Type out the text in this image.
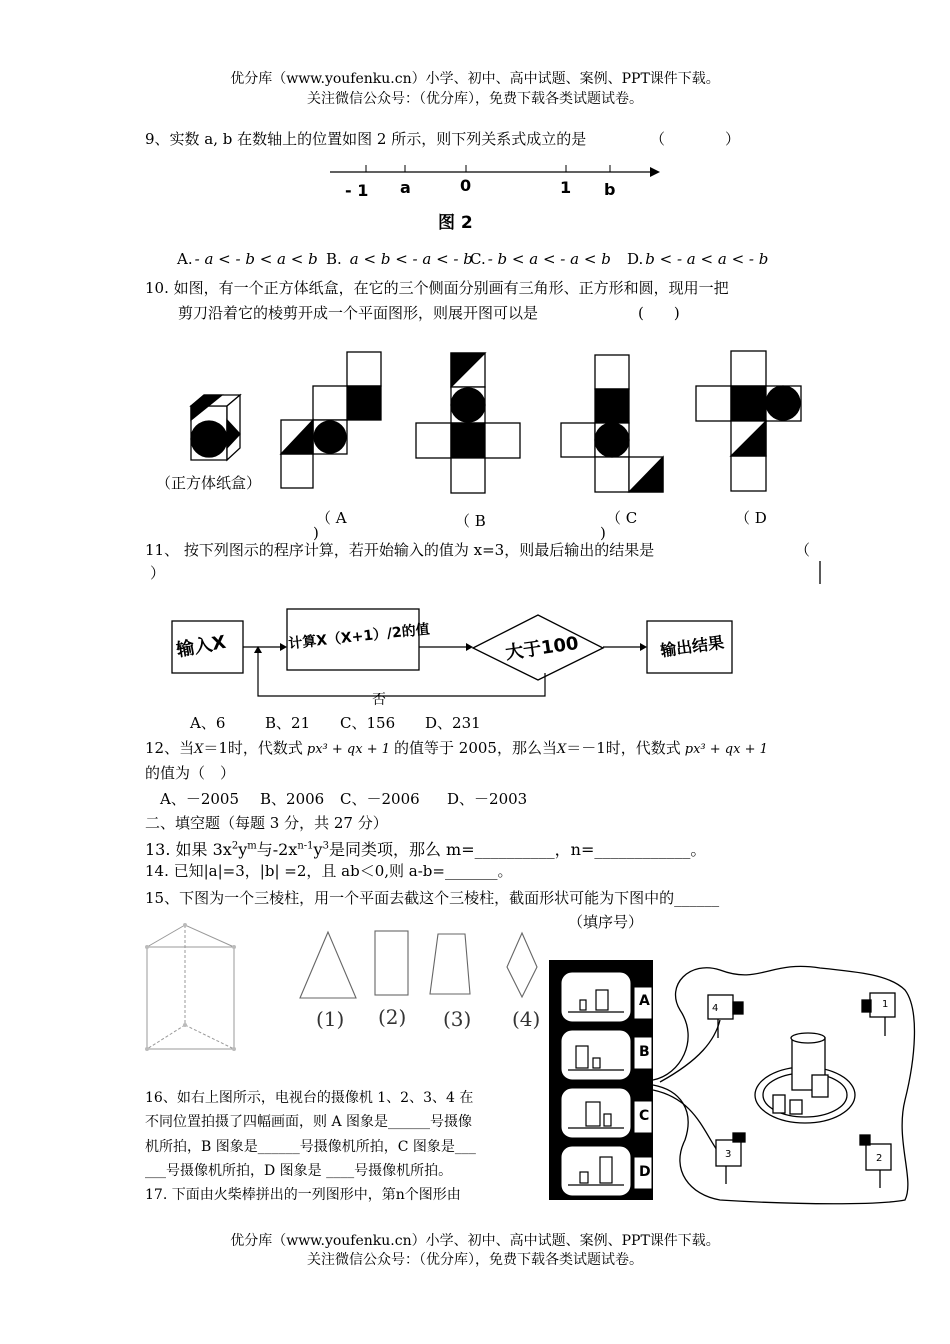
优分库（www.youfenku.cn）小学、初中、高中试题、案例、PPT课件下载。
关注微信公众号：（优分库），免费下载各类试题试卷。
9、实数 a, b 在数轴上的位置如图 2 所示，则下列关系式成立的是	（　　　　）
- 1 a	0	1 b
图 2
A. - a < - b < a < b B. a < b < - a < - b
C. - b < a < - a < b D. b < - a < a < - b
10. 如图，有一个正方体纸盒，在它的三个侧面分别画有三角形、正方形和圆，现用一把
剪刀沿着它的棱剪开成一个平面图形，则展开图可以是	(　　)
（正方体纸盒）
（ A
)
（ B	（ C
)
（ D
11、 按下列图示的程序计算，若开始输入的值为 x=3，则最后输出的结果是	（
）
输入X	计算X（X+1）/2的值	大于100	输出结果
否
A、6	B、21 C、156 D、231
12、当X＝1时，代数式 px³ + qx + 1 的值等于 2005，那么当X＝－1时，代数式 px³ + qx + 1
的值为（　）
A、－2005 B、2006 C、－2006 D、－2003
二、填空题（每题 3 分，共 27 分）
13. 如果 $3x^2y^m$与$-2x^{n-1}y^3$是同类项，那么 m=__________，n=____________。
14. 已知|a|=3，|b| =2，且 ab＜0,则 a-b=_______。
15、下图为一个三棱柱，用一个平面去截这个三棱柱，截面形状可能为下图中的______
（填序号）
(1) (2) (3) (4)
A
B
C
D
4	1
3	2
16、如右上图所示，电视台的摄像机 1、2、3、4 在
不同位置拍摄了四幅画面，则 A 图象是______号摄像
机所拍，B 图象是______号摄像机所拍，C 图象是___
___号摄像机所拍，D 图象是 ____号摄像机所拍。
17. 下面由火柴棒拼出的一列图形中，第n个图形由
优分库（www.youfenku.cn）小学、初中、高中试题、案例、PPT课件下载。
关注微信公众号：（优分库），免费下载各类试题试卷。
